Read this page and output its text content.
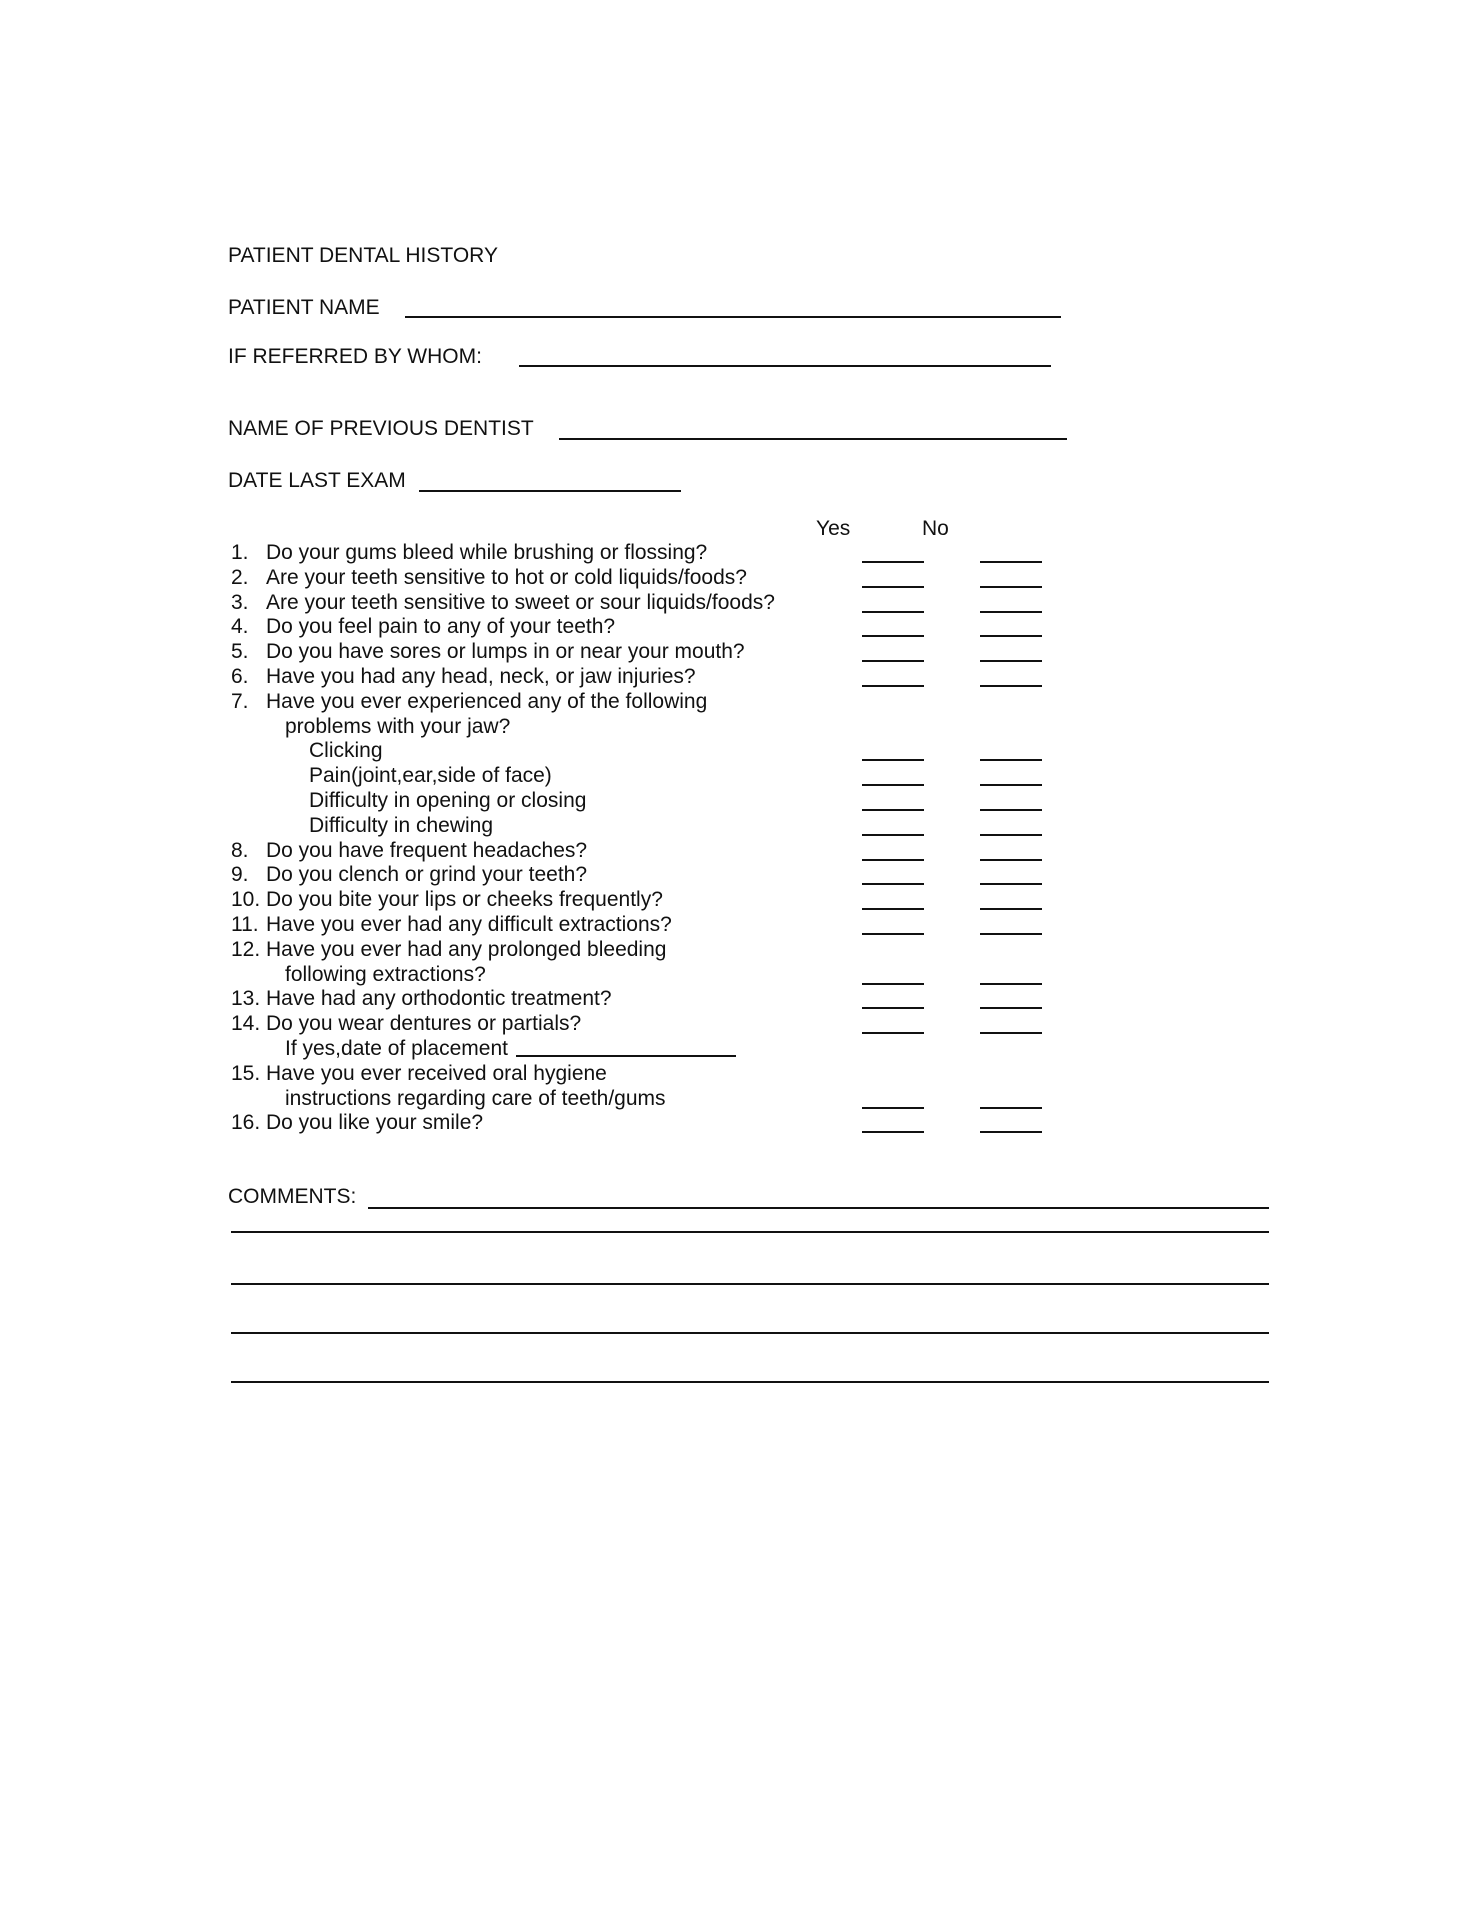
PATIENT DENTAL HISTORY
PATIENT NAME
IF REFERRED BY WHOM:
NAME OF PREVIOUS DENTIST
DATE LAST EXAM
Yes	No
1. Do your gums bleed while brushing or flossing?
2. Are your teeth sensitive to hot or cold liquids/foods?
3. Are your teeth sensitive to sweet or sour liquids/foods?
4. Do you feel pain to any of your teeth?
5. Do you have sores or lumps in or near your mouth?
6. Have you had any head, neck, or jaw injuries?
7. Have you ever experienced any of the following
problems with your jaw?
Clicking
Pain(joint,ear,side of face)
Difficulty in opening or closing
Difficulty in chewing
8. Do you have frequent headaches?
9. Do you clench or grind your teeth?
10. Do you bite your lips or cheeks frequently?
11. Have you ever had any difficult extractions?
12. Have you ever had any prolonged bleeding
following extractions?
13. Have had any orthodontic treatment?
14. Do you wear dentures or partials?
If yes,date of placement
15. Have you ever received oral hygiene
instructions regarding care of teeth/gums
16. Do you like your smile?
COMMENTS:
